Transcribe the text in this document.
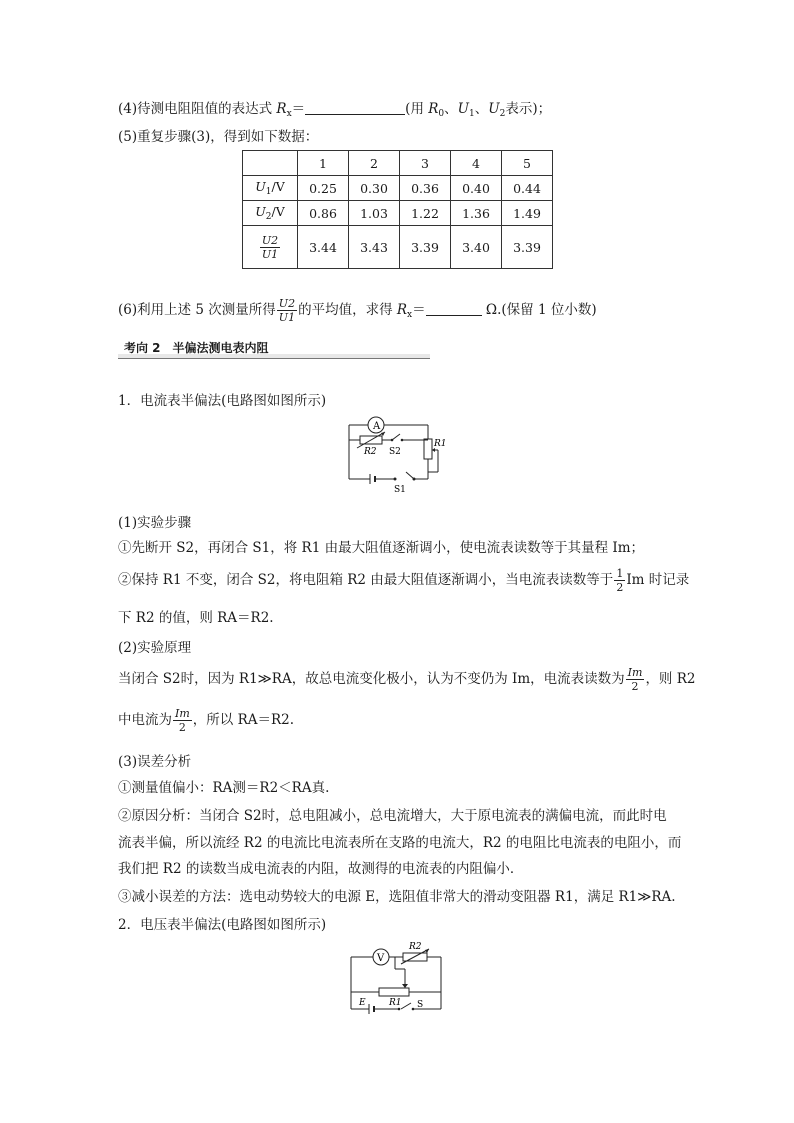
(4)待测电阻阻值的表达式 $R_x=$	(用 $R_0$、$U_1$、$U_2$表示)；
(5)重复步骤(3)，得到如下数据：
	1	2	3	4	5
$U_1/V$	0.25	0.30	0.36	0.40	0.44
$U_2/V$	0.86	1.03	1.22	1.36	1.49

$\frac{U2}{U1}$	3.44	3.43	3.39	3.40	3.39
(6)利用上述 5 次测量所得 $\frac{U2}{U1}$ 的平均值，求得 $R_x=$	Ω.(保留 1 位小数)
考向 2　半偏法测电表内阻
1．电流表半偏法(电路图如图所示)
A
R2 S2
R1
S1
(1)实验步骤
①先断开 S2，再闭合 S1，将 R1 由最大阻值逐渐调小，使电流表读数等于其量程 Im；
②保持 R1 不变，闭合 S2，将电阻箱 R2 由最大阻值逐渐调小，当电流表读数等于 $\frac{1}{2}$ Im 时记录
下 R2 的值，则 RA＝R2.
(2)实验原理
当闭合 S2时，因为 R1≫RA，故总电流变化极小，认为不变仍为 Im，电流表读数为 $\frac{Im}{2}$ ，则 R2
中电流为 $\frac{Im}{2}$ ，所以 RA＝R2.
(3)误差分析
①测量值偏小：RA测＝R2＜RA真.
②原因分析：当闭合 S2时，总电阻减小，总电流增大，大于原电流表的满偏电流，而此时电
流表半偏，所以流经 R2 的电流比电流表所在支路的电流大，R2 的电阻比电流表的电阻小，而
我们把 R2 的读数当成电流表的内阻，故测得的电流表的内阻偏小．
③减小误差的方法：选电动势较大的电源 E，选阻值非常大的滑动变阻器 R1，满足 R1≫RA.
2．电压表半偏法(电路图如图所示)
V
R2
R1
E	S
